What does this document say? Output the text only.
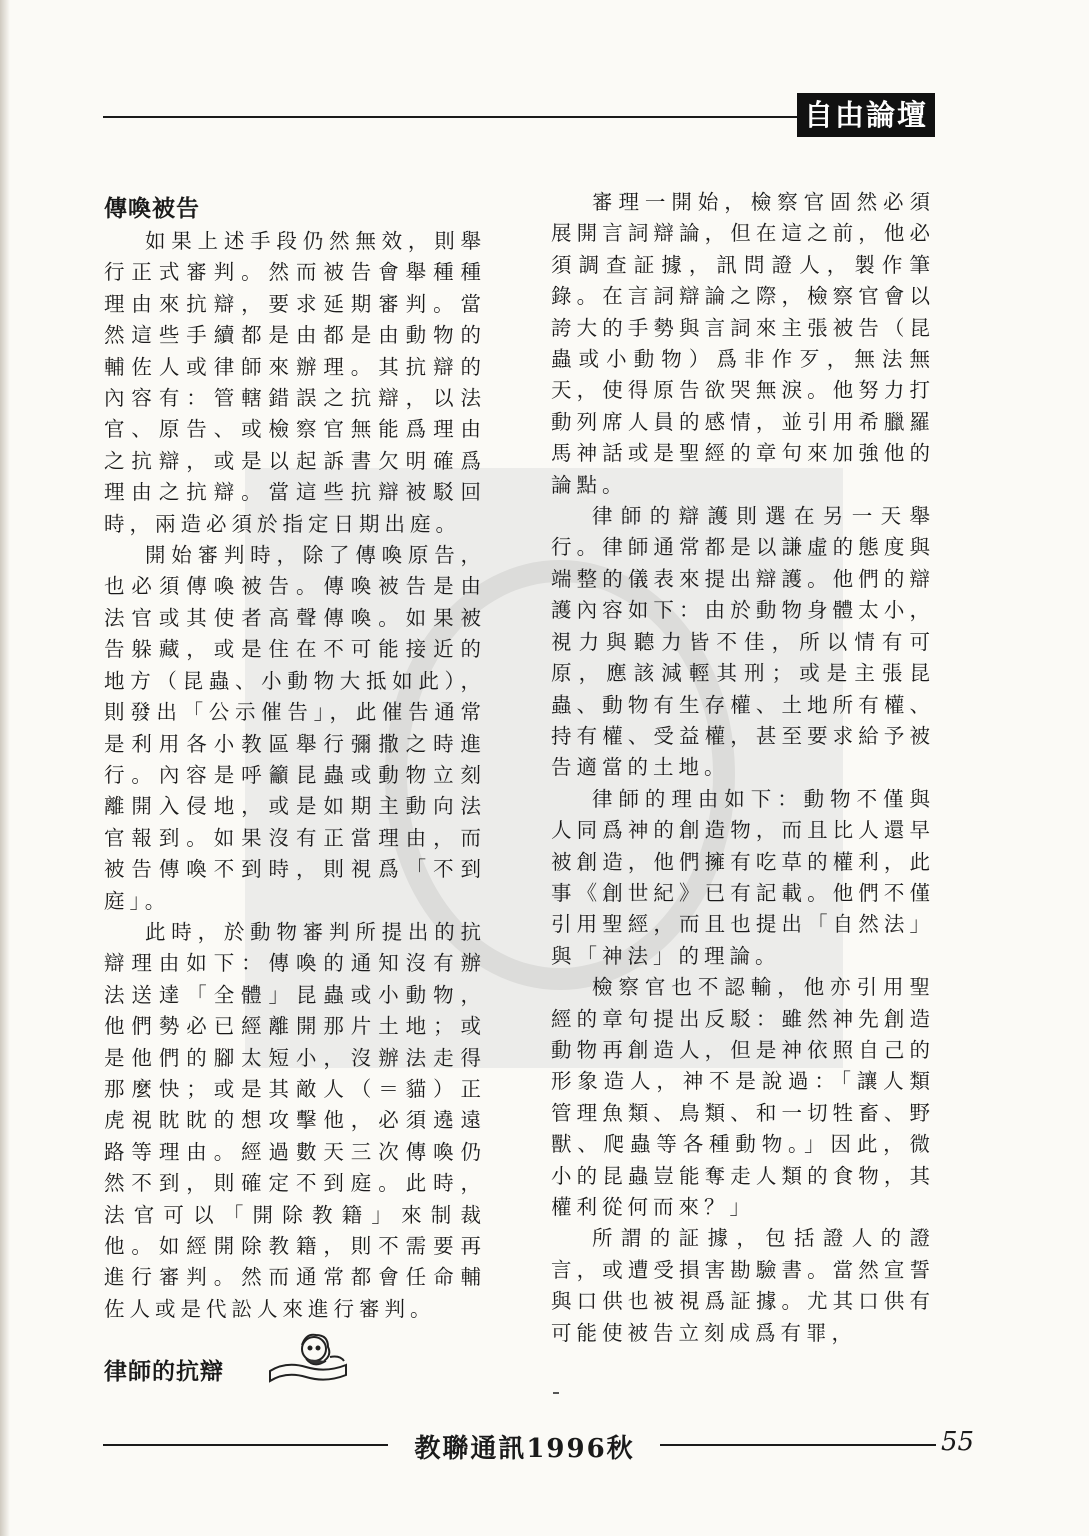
自由論壇
傳喚被告

如果上述手段仍然無效，則舉行正式審判。然而被告會舉種種理由來抗辯，要求延期審判。當然這些手續都是由都是由動物的輔佐人或律師來辦理。其抗辯的內容有：管轄錯誤之抗辯，以法官、原告、或檢察官無能爲理由之抗辯，或是以起訴書欠明確爲理由之抗辯。當這些抗辯被駁回時，兩造必須於指定日期出庭。

開始審判時，除了傳喚原告，也必須傳喚被告。傳喚被告是由法官或其使者高聲傳喚。如果被告躲藏，或是住在不可能接近的地方（昆蟲、小動物大抵如此），則發出「公示催告」，此催告通常是利用各小教區舉行彌撒之時進行。內容是呼籲昆蟲或動物立刻離開入侵地，或是如期主動向法官報到。如果沒有正當理由，而被告傳喚不到時，則視爲「不到庭」。

此時，於動物審判所提出的抗辯理由如下：傳喚的通知沒有辦法送達「全體」昆蟲或小動物，他們勢必已經離開那片土地；或是他們的腳太短小，沒辦法走得那麼快；或是其敵人（＝貓）正虎視眈眈的想攻擊他，必須遶遠路等理由。經過數天三次傳喚仍然不到，則確定不到庭。此時，法官可以「開除教籍」來制裁他。如經開除教籍，則不需要再進行審判。然而通常都會任命輔佐人或是代訟人來進行審判。

律師的抗辯

審理一開始，檢察官固然必須展開言詞辯論，但在這之前，他必須調查証據，訊問證人，製作筆錄。在言詞辯論之際，檢察官會以誇大的手勢與言詞來主張被告（昆蟲或小動物）爲非作歹，無法無天，使得原告欲哭無淚。他努力打動列席人員的感情，並引用希臘羅馬神話或是聖經的章句來加強他的論點。

律師的辯護則選在另一天舉行。律師通常都是以謙虛的態度與端整的儀表來提出辯護。他們的辯護內容如下：由於動物身體太小，視力與聽力皆不佳，所以情有可原，應該減輕其刑；或是主張昆蟲、動物有生存權、土地所有權、持有權、受益權，甚至要求給予被告適當的土地。

律師的理由如下：動物不僅與人同爲神的創造物，而且比人還早被創造，他們擁有吃草的權利，此事《創世紀》已有記載。他們不僅引用聖經，而且也提出「自然法」與「神法」的理論。

檢察官也不認輸，他亦引用聖經的章句提出反駁：雖然神先創造動物再創造人，但是神依照自己的形象造人，神不是說過：「讓人類管理魚類、鳥類、和一切牲畜、野獸、爬蟲等各種動物。」因此，微小的昆蟲豈能奪走人類的食物，其權利從何而來？」

所謂的証據，包括證人的證言，或遭受損害勘驗書。當然宣誓與口供也被視爲証據。尤其口供有可能使被告立刻成爲有罪，

教聯通訊1996秋	55
